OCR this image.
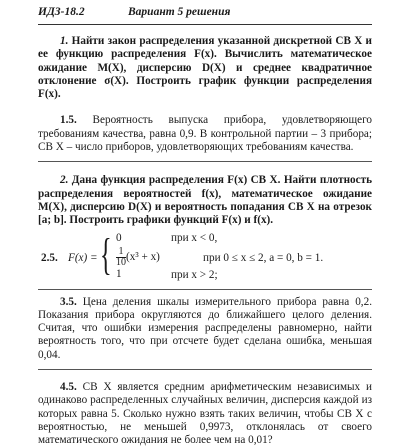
ИДЗ-18.2	Вариант 5 решения

1. Найти закон распределения указанной дискретной СВ X и ее функцию распределения F(x). Вычислить математическое ожидание M(X), дисперсию D(X) и среднее квадратичное отклонение σ(X). Построить график функции распределения F(x).

1.5. Вероятность выпуска прибора, удовлетворяющего требованиям качества, равна 0,9. В контрольной партии – 3 прибора; СВ X – число приборов, удовлетворяющих требованиям качества.

2. Дана функция распределения F(x) СВ X. Найти плотность распределения вероятностей f(x), математическое ожидание M(X), дисперсию D(X) и вероятность попадания СВ X на отрезок [a; b]. Построить графики функций F(x) и f(x).

2.5. F(x) = { 0	при x < 0,
$\frac{1}{10} (x^3 + x)$	при 0 ≤ x ≤ 2, a = 0, b = 1.
1	при x > 2;

3.5. Цена деления шкалы измерительного прибора равна 0,2. Показания прибора округляются до ближайшего целого деления. Считая, что ошибки измерения распределены равномерно, найти вероятность того, что при отсчете будет сделана ошибка, меньшая 0,04.

4.5. СВ X является средним арифметическим независимых и одинаково распределенных случайных величин, дисперсия каждой из которых равна 5. Сколько нужно взять таких величин, чтобы СВ X с вероятностью, не меньшей 0,9973, отклонялась от своего математического ожидания не более чем на 0,01?
